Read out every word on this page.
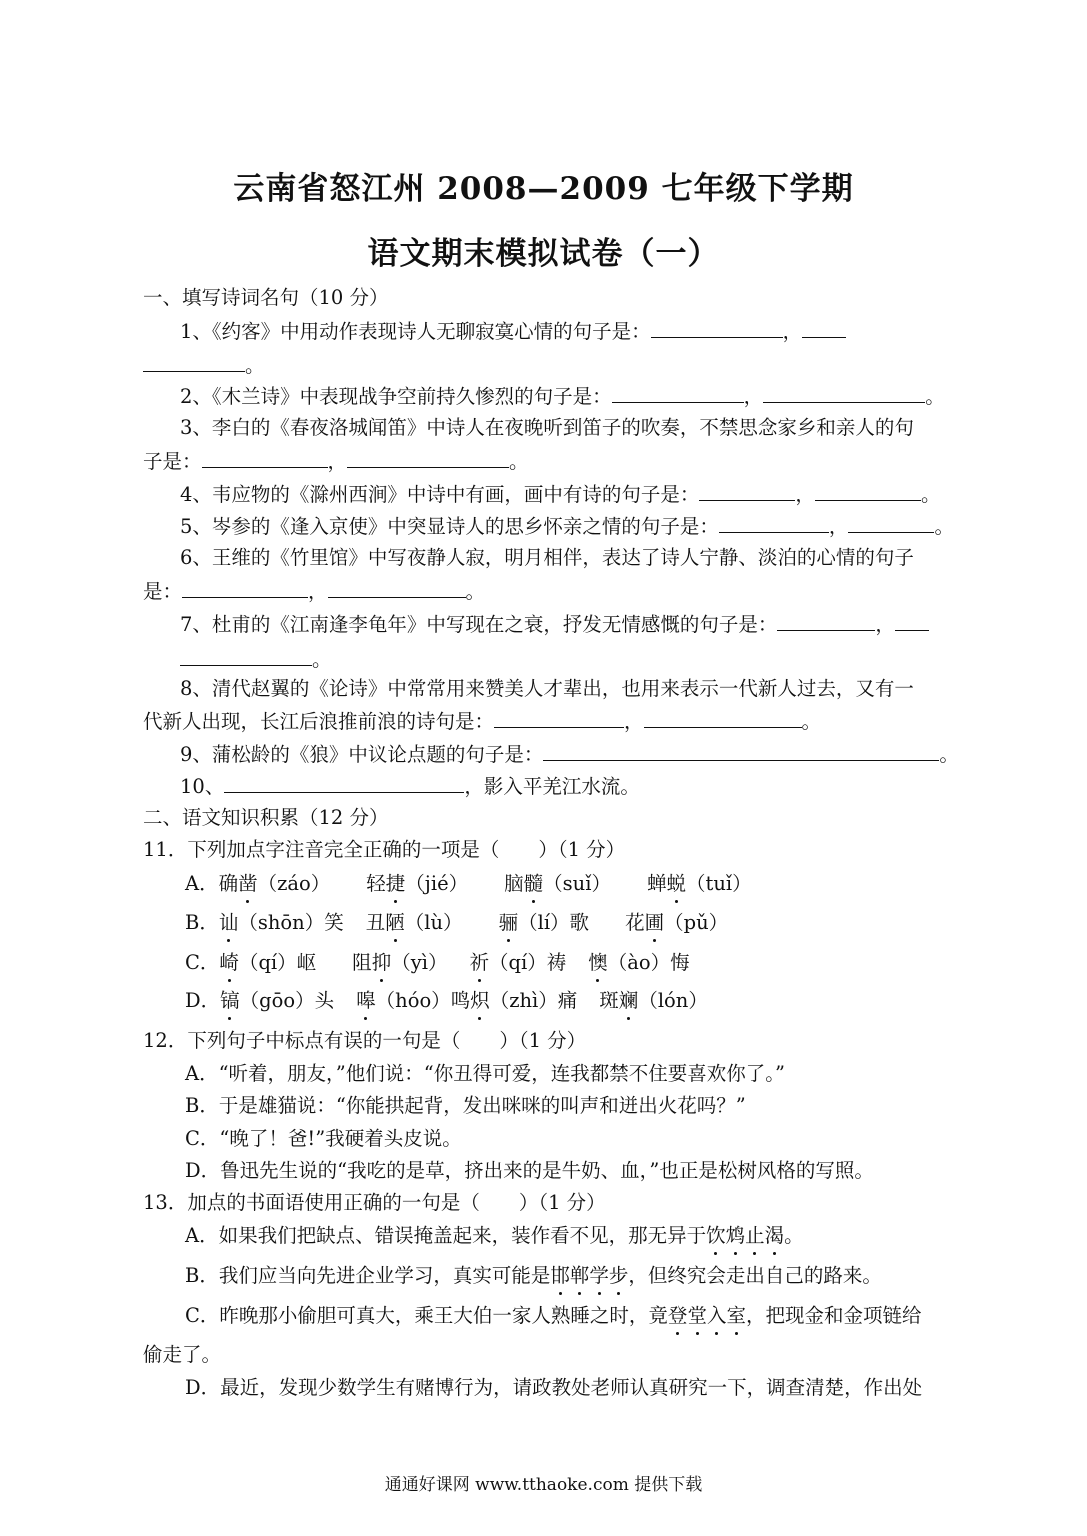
云南省怒江州 2008—2009 七年级下学期
语文期末模拟试卷（一）
一、填写诗词名句（10 分）
1、《约客》中用动作表现诗人无聊寂寞心情的句子是：	，
。
2、《木兰诗》中表现战争空前持久惨烈的句子是：	，	。
3、李白的《春夜洛城闻笛》中诗人在夜晚听到笛子的吹奏，不禁思念家乡和亲人的句
子是：	，	。
4、韦应物的《滁州西涧》中诗中有画，画中有诗的句子是：	，	。
5、岑参的《逢入京使》中突显诗人的思乡怀亲之情的句子是：	，	。
6、王维的《竹里馆》中写夜静人寂，明月相伴，表达了诗人宁静、淡泊的心情的句子
是：	，	。
7、杜甫的《江南逢李龟年》中写现在之衰，抒发无情感慨的句子是：	，
。
8、清代赵翼的《论诗》中常常用来赞美人才辈出，也用来表示一代新人过去，又有一
代新人出现，长江后浪推前浪的诗句是：	，	。
9、蒲松龄的《狼》中议论点题的句子是：	。
10、	，影入平羌江水流。
二、语文知识积累（12 分）
11．下列加点字注音完全正确的一项是（　　）（1 分）
A．确凿（záo） 轻捷（jié） 脑髓（suǐ） 蝉蜕（tuǐ）
B．讪（shōn）笑 丑陋（lù） 骊（lí）歌 花圃（pǔ）
C．崎（qí）岖 阻抑（yì） 祈（qí）祷 懊（ào）悔
D．镐（gōo）头 嗥（hóo）鸣炽（zhì）痛 斑斓（lón）
12．下列句子中标点有误的一句是（　　）（1 分）
A．“听着，朋友，”他们说：“你丑得可爱，连我都禁不住要喜欢你了。”
B．于是雄猫说：“你能拱起背，发出咪咪的叫声和迸出火花吗？”
C．“晚了！爸!”我硬着头皮说。
D．鲁迅先生说的“我吃的是草，挤出来的是牛奶、血，”也正是松树风格的写照。
13．加点的书面语使用正确的一句是（　　）（1 分）
A．如果我们把缺点、错误掩盖起来，装作看不见，那无异于饮鸩止渴。
B．我们应当向先进企业学习，真实可能是邯郸学步，但终究会走出自己的路来。
C．昨晚那小偷胆可真大，乘王大伯一家人熟睡之时，竟登堂入室，把现金和金项链给
偷走了。
D．最近，发现少数学生有赌博行为，请政教处老师认真研究一下，调查清楚，作出处
通通好课网 www.tthaoke.com 提供下载
